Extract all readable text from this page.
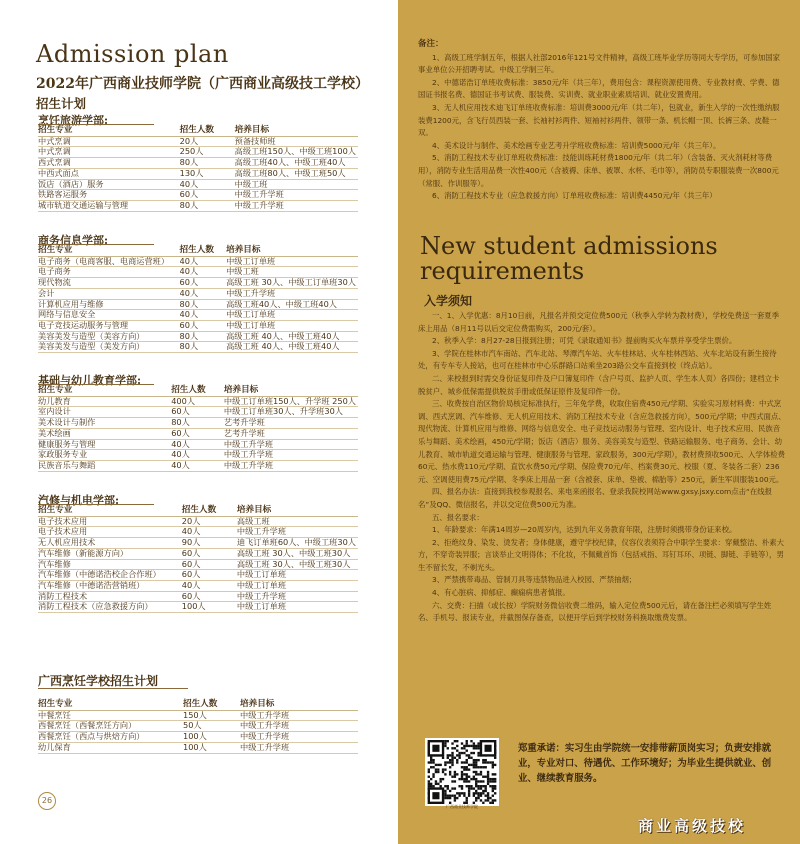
Admission plan
2022年广西商业技师学院（广西商业高级技工学校）
招生计划
烹饪旅游学部:
招生专业	招生人数	培养目标
中式烹调	20人	预备技师班
中式烹调	250人	高级工班150人、中级工班100人
西式烹调	80人	高级工班40人、中级工班40人
中西式面点	130人	高级工班80人、中级工班50人
饭店（酒店）服务	40人	中级工班
铁路客运服务	60人	中级工升学班
城市轨道交通运输与管理	80人	中级工升学班
商务信息学部:
招生专业	招生人数	培养目标
电子商务（电商客服、电商运营班）	40人	中级工订单班
电子商务	40人	中级工班
现代物流	60人	高级工班 30人、中级工订单班30人
会计	40人	中级工升学班
计算机应用与维修	80人	高级工班40人、中级工班40人
网络与信息安全	40人	中级工订单班
电子竞技运动服务与管理	60人	中级工订单班
美容美发与造型（美容方向）	80人	高级工班 40人、中级工班40人
美容美发与造型（美发方向）	80人	高级工班 40人、中级工班40人
基础与幼儿教育学部:
招生专业	招生人数	培养目标
幼儿教育	400人	中级工订单班150人、升学班 250人
室内设计	60人	中级工订单班30人、升学班30人
美术设计与制作	80人	艺考升学班
美术绘画	60人	艺考升学班
健康服务与管理	40人	中级工升学班
家政服务专业	40人	中级工升学班
民族音乐与舞蹈	40人	中级工升学班
汽修与机电学部:
招生专业	招生人数	培养目标
电子技术应用	20人	高级工班
电子技术应用	40人	中级工升学班
无人机应用技术	90人	迪飞订单班60人、中级工班30人
汽车维修（新能源方向）	60人	高级工班 30人、中级工班30人
汽车维修	60人	高级工班 30人、中级工班30人
汽车维修（中德诺浩校企合作班）	60人	中级工订单班
汽车维修（中德诺浩营销班）	40人	中级工订单班
消防工程技术	60人	中级工升学班
消防工程技术（应急救援方向）	100人	中级工订单班
广西烹饪学校招生计划
招生专业	招生人数	培养目标
中餐烹饪	150人	中级工升学班
西餐烹饪（西餐烹饪方向）	50人	中级工升学班
西餐烹饪（西点与烘焙方向）	100人	中级工升学班
幼儿保育	100人	中级工升学班
26
备注：

1、高级工班学制五年，根据人社部2016年121号文件精神，高级工班毕业学历等同大专学历，可参加国家事业单位公开招聘考试。中级工学制三年。

2、中德诺浩订单班收费标准：3850元/年（共三年），费用包含：课程资源使用费、专业教材费、学费、德国证书报名费、德国证书考试费、服装费、实训费、就业职业素质培训、就业安置费用。

3、无人机应用技术迪飞订单班收费标准：培训费3000元/年（共二年），包就业，新生入学的一次性缴纳服装费1200元，含飞行员西装一套、长袖衬衫两件、短袖衬衫两件、领带一条、机长帽一顶、长裤三条、皮鞋一双。

4、美术设计与制作、美术绘画专业艺考升学班收费标准：培训费5000元/年（共三年）。

5、消防工程技术专业订单班收费标准：技能训练耗材费1800元/年（共二年）（含装备、灭火剂耗材等费用），消防专业生活用品费一次性400元（含被褥、床单、被罩、水杯、毛巾等），消防员专职服装费一次800元（常服、作训服等）。

6、消防工程技术专业（应急救援方向）订单班收费标准：培训费4450元/年（共三年）

New student admissions
requirements
入学须知

一、1、入学优惠：8月10日前，凡报名并预交定位费500元（秋季入学转为教材费），学校免费送一套夏季床上用品（8月11号以后交定位费需购买，200元/套）。

2、秋季入学：8月27-28日报到注册；可凭《录取通知书》提前购买火车票并享受学生票价。

3、学院在桂林市汽车南站、汽车北站、琴潭汽车站、火车桂林站、火车桂林西站、火车北站设有新生接待处，有专车专人接站，也可在桂林市中心乐群路口站乘坐203路公交车直接到校（终点站）。

二、来校报到时需交身份证复印件及户口簿复印件（含户号页、监护人页、学生本人页）各四份；建档立卡脱贫户、城乡低保需提供脱贫手册或低保证原件及复印件一份。

三、收费按自治区物价局核定标准执行，三年免学费，收取住宿费450元/学期、实验实习原材料费：中式烹调、西式烹调、汽车维修、无人机应用技术、消防工程技术专业（含应急救援方向），500元/学期；中西式面点、现代物流、计算机应用与维修、网络与信息安全、电子竞技运动服务与管理、室内设计、电子技术应用、民族音乐与舞蹈、美术绘画，450元/学期；饭店（酒店）服务、美容美发与造型、铁路运输服务、电子商务、会计、幼儿教育、城市轨道交通运输与管理、健康服务与管理、家政服务，300元/学期），教材费预收500元、入学体检费60元、热水费110元/学期、直饮水费50元/学期、保险费70元/年、档案费30元、校服（夏、冬装各二套）236元、空调使用费75元/学期、冬季床上用品一套（含被套、床单、垫被、棉胎等）250元，新生军训服装100元。

四、报名办法：直接到我校参观报名、来电来函报名、登录我院校网站www.gxsy.jsxy.com点击“在线报名”及QQ、微信报名，并以交定位费500元为准。

五、报名要求：

1、年龄要求：年满14周岁—20周岁内，达到九年义务教育年限，注册时须携带身份证来校。

2、拒绝纹身、染发、烫发者；身体健康，遵守学校纪律，仪容仪表须符合中职学生要求：穿戴整洁、朴素大方，不穿奇装异服；言谈举止文明得体；不化妆，不佩戴首饰（包括戒指、耳钉耳环、项链、脚链、手链等），男生不留长发，不剃光头。

3、严禁携带毒品、管制刀具等违禁物品进入校园、严禁抽烟；

4、有心脏病、抑郁症、癫痫病患者慎报。

六、交费：扫描（或长按）学院财务微信收费二维码，输入定位费500元后，请在备注栏必须填写学生姓名、手机号、报读专业，并截图保存备查，以便开学后到学校财务科换取缴费发票。

广西商业技师学院
郑重承诺：实习生由学院统一安排带薪顶岗实习；负责安排就业，专业对口、待遇优、工作环境好；为毕业生提供就业、创业、继续教育服务。
商业高级技校
